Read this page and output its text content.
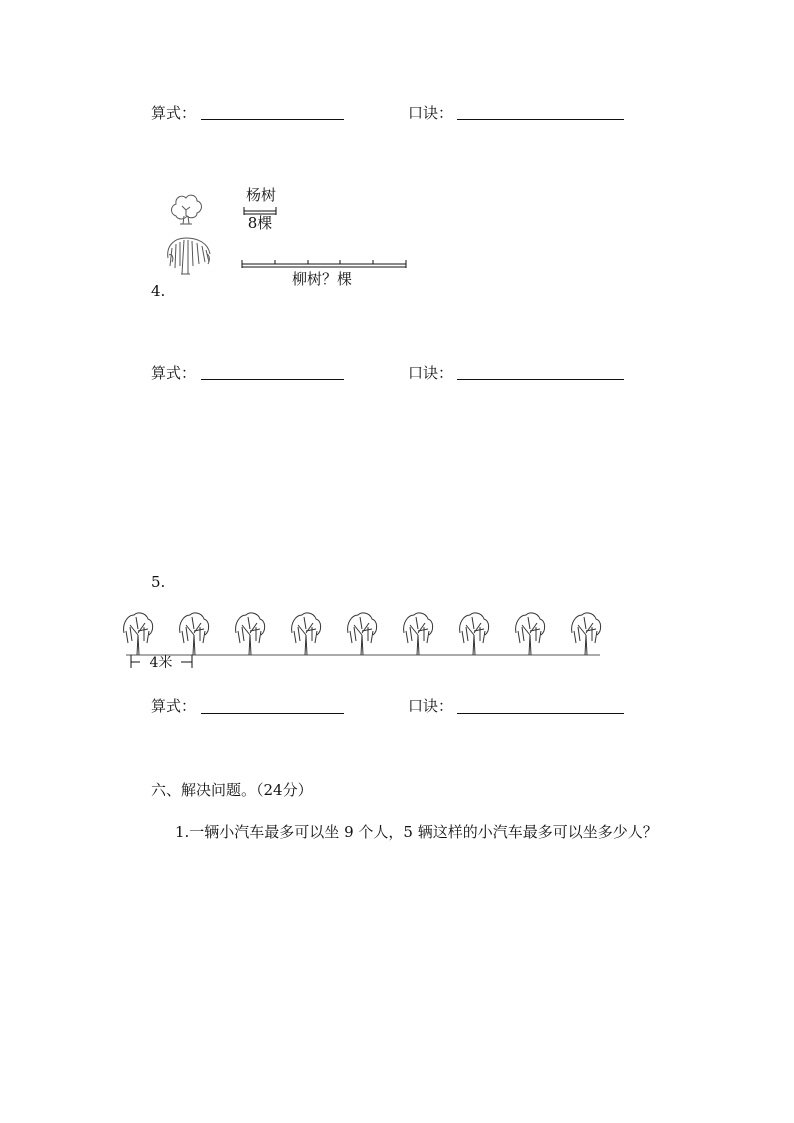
算式：	口诀：
杨树
8棵
柳树？棵
4.
算式：	口诀：
5.
4米
算式：	口诀：
六、解决问题。（24分）
1.一辆小汽车最多可以坐 9 个人，5 辆这样的小汽车最多可以坐多少人？
